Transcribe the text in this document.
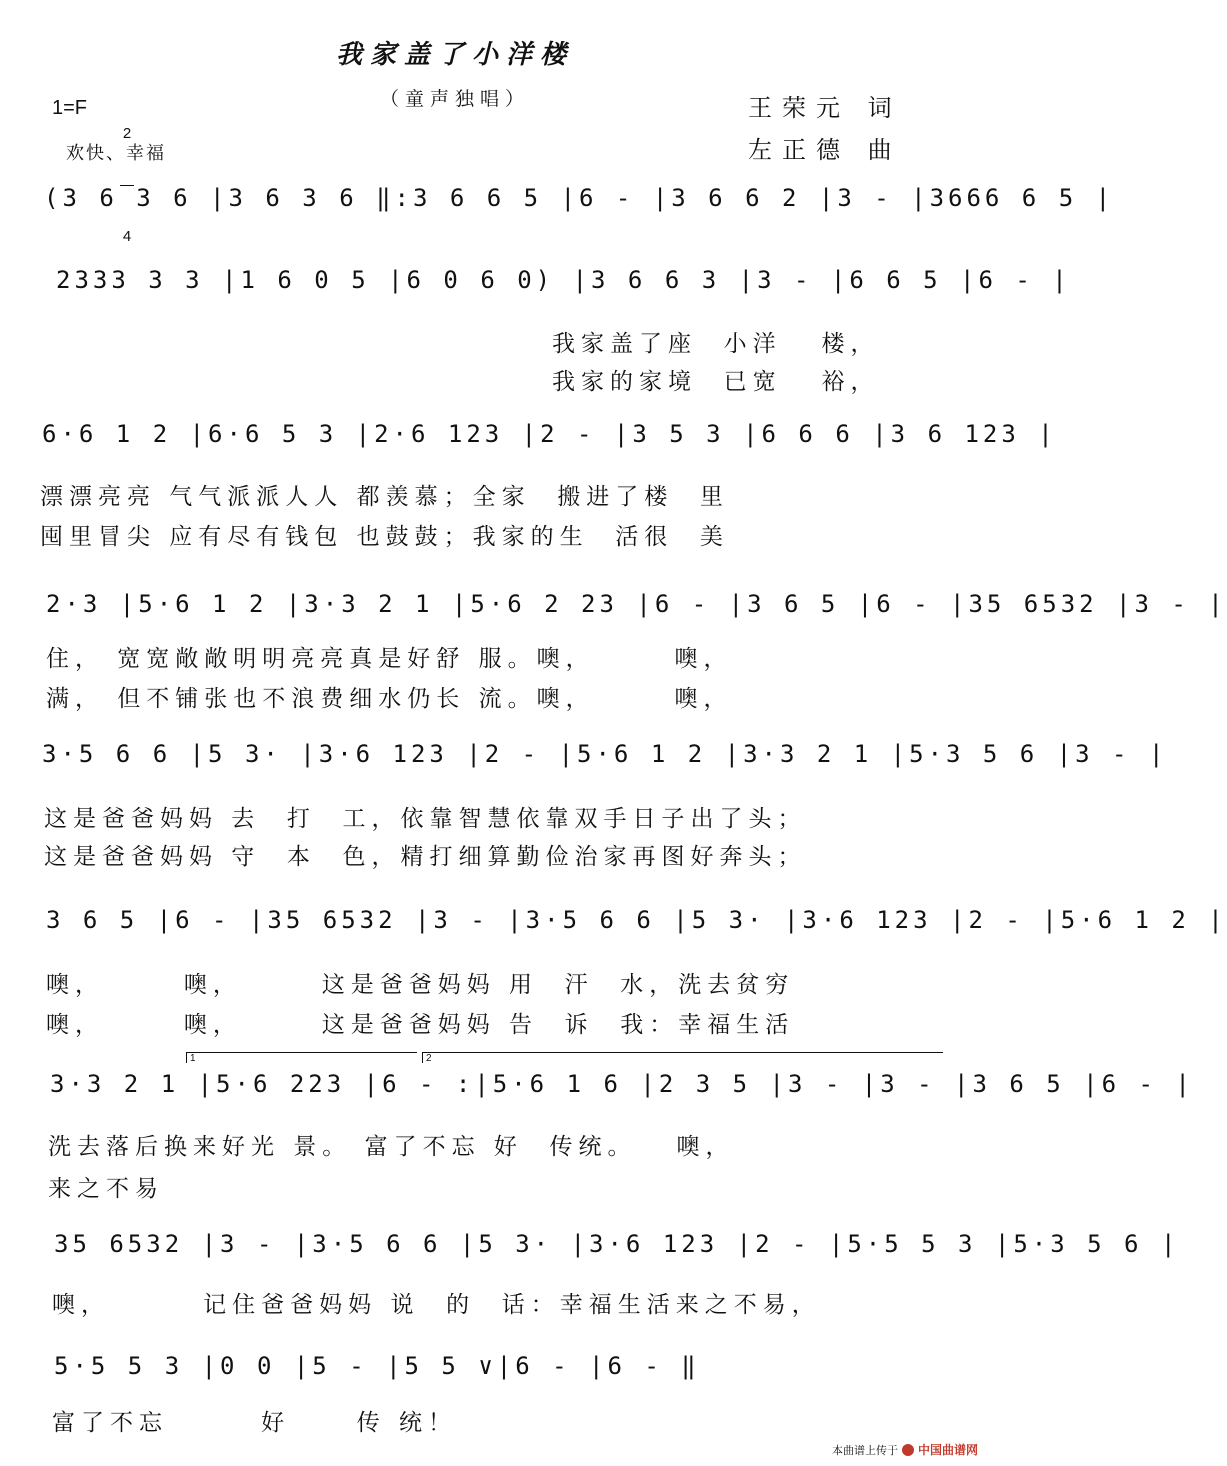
我家盖了小洋楼
（童声独唱）
1=F

2

4

欢快、幸福
王荣元 词
左正德 曲
(3 6 3 6 |3 6 3 6 ‖:3 6 6 5 |6 - |3 6 6 2 |3 - |3666 6 5 |
2333 3 3 |1 6 0 5 |6 0 6 0) |3 6 6 3 |3 - |6 6 5 |6 - |
我家盖了座  小洋   楼，
我家的家境  已宽   裕，
6·6 1 2 |6·6 5 3 |2·6 123 |2 - |3 5 3 |6 6 6 |3 6 123 |
漂漂亮亮 气气派派人人 都羡慕；全家  搬进了楼  里
囤里冒尖 应有尽有钱包 也鼓鼓；我家的生  活很  美
2·3 |5·6 1 2 |3·3 2 1 |5·6 2 23 |6 - |3 6 5 |6 - |35 6532 |3 - |
住， 宽宽敞敞明明亮亮真是好舒 服。噢，      噢，
满， 但不铺张也不浪费细水仍长 流。噢，      噢，
3·5 6 6 |5 3· |3·6 123 |2 - |5·6 1 2 |3·3 2 1 |5·3 5 6 |3 - |
这是爸爸妈妈 去  打  工，依靠智慧依靠双手日子出了头；
这是爸爸妈妈 守  本  色，精打细算勤俭治家再图好奔头；
3 6 5 |6 - |35 6532 |3 - |3·5 6 6 |5 3· |3·6 123 |2 - |5·6 1 2 |
噢，      噢，      这是爸爸妈妈 用  汗  水，洗去贫穷
噢，      噢，      这是爸爸妈妈 告  诉  我：幸福生活
1	2
3·3 2 1 |5·6 223 |6 - :|5·6 1 6 |2 3 5 |3 - |3 - |3 6 5 |6 - |
洗去落后换来好光 景。 富了不忘 好  传统。   噢，
来之不易
35 6532 |3 - |3·5 6 6 |5 3· |3·6 123 |2 - |5·5 5 3 |5·3 5 6 |
噢，       记住爸爸妈妈 说  的  话：幸福生活来之不易，
5·5 5 3 |0 0 |5 - |5 5 ∨|6 - |6 - ‖
富了不忘       好     传 统！

本曲谱上传于 中国曲谱网
